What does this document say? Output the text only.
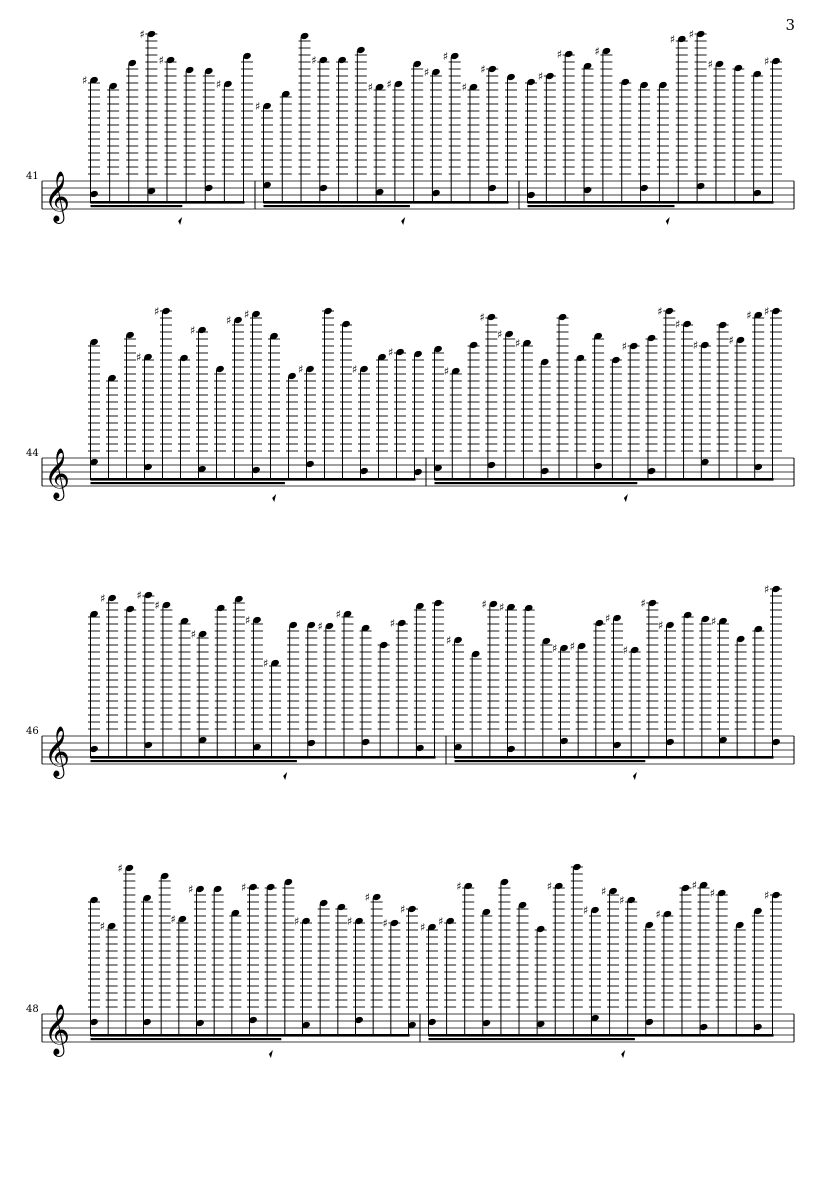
3
𝄞
41
♯
♯
♯
♯
♯
♯
♯ ♯
♯
♯
♯
♯
♯
♯	♯
♯ ♯
♯	♯
𝄞
44
♯
♯
♯
♯ ♯
♯	♯
♯
♯
♯
♯
♯	♯
♯
♯
♯	♯
♯ ♯
𝄞
46
♯	♯
♯
♯
♯
♯
♯
♯
♯
♯
♯ ♯
♯ ♯
♯
♯
♯
♯	♯
♯
𝄞
48
♯
♯
♯
♯	♯
♯	♯
♯
♯
♯
♯ ♯
♯	♯
♯
♯
♯
♯
♯
♯	♯
